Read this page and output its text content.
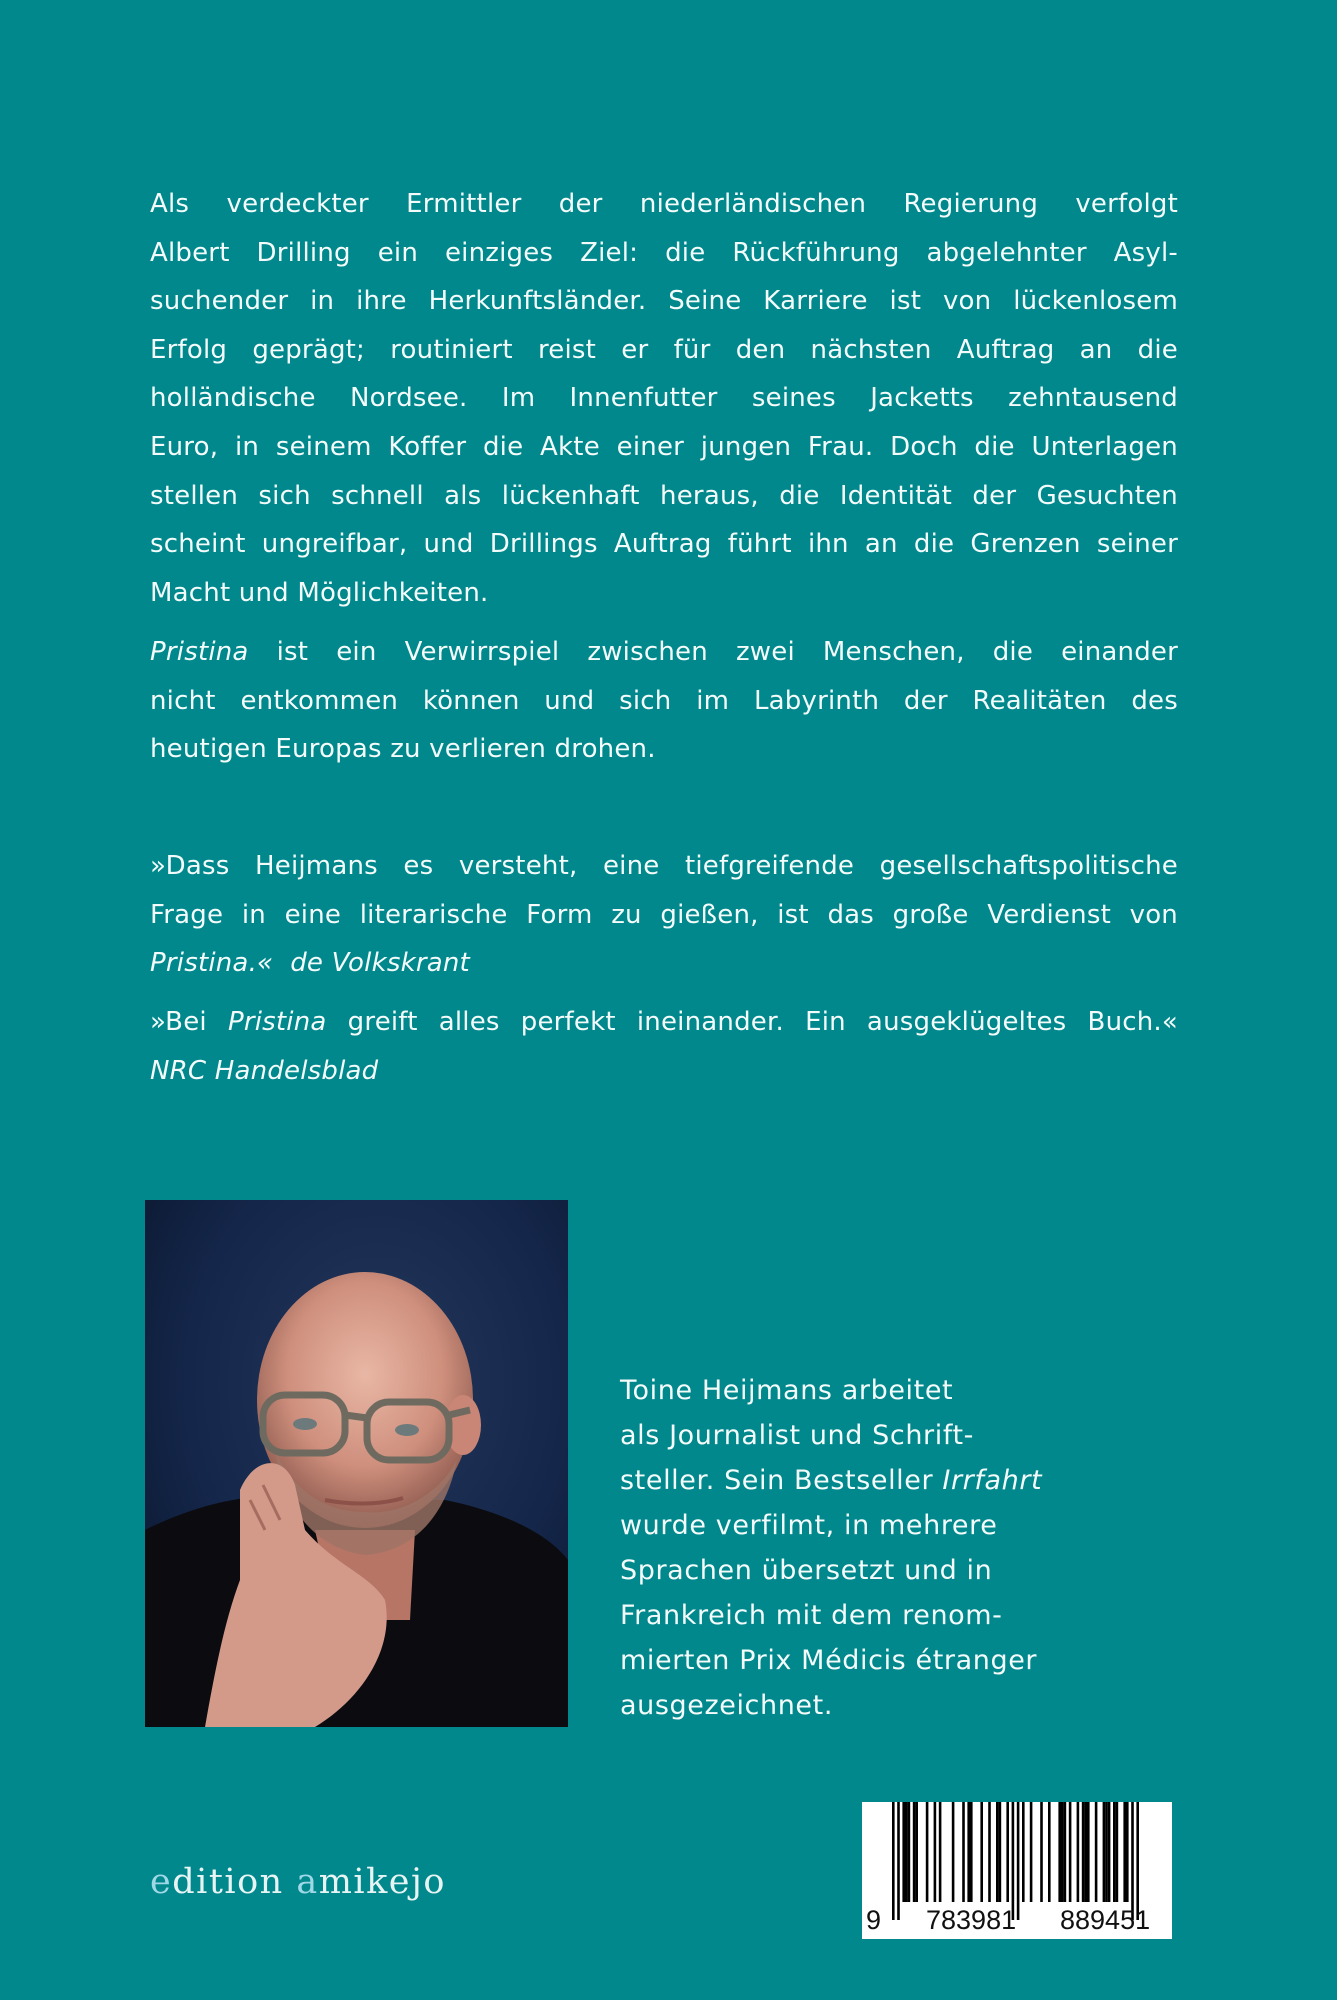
Als verdeckter Ermittler der niederländischen Regierung verfolgt
Albert Drilling ein einziges Ziel: die Rückführung abgelehnter Asyl-
suchender in ihre Herkunftsländer. Seine Karriere ist von lückenlosem
Erfolg geprägt; routiniert reist er für den nächsten Auftrag an die
holländische Nordsee. Im Innenfutter seines Jacketts zehntausend
Euro, in seinem Koffer die Akte einer jungen Frau. Doch die Unterlagen
stellen sich schnell als lückenhaft heraus, die Identität der Gesuchten
scheint ungreifbar, und Drillings Auftrag führt ihn an die Grenzen seiner
Macht und Möglichkeiten.
Pristina ist ein Verwirrspiel zwischen zwei Menschen, die einander
nicht entkommen können und sich im Labyrinth der Realitäten des
heutigen Europas zu verlieren drohen.
»Dass Heijmans es versteht, eine tiefgreifende gesellschaftspolitische
Frage in eine literarische Form zu gießen, ist das große Verdienst von
Pristina.« de Volkskrant
»Bei Pristina greift alles perfekt ineinander. Ein ausgeklügeltes Buch.«
NRC Handelsblad
Toine Heijmans arbeitet
als Journalist und Schrift-
steller. Sein Bestseller Irrfahrt
wurde verfilmt, in mehrere
Sprachen übersetzt und in
Frankreich mit dem renom-
mierten Prix Médicis étranger
ausgezeichnet.
edition amikejo
9 783981 889451
